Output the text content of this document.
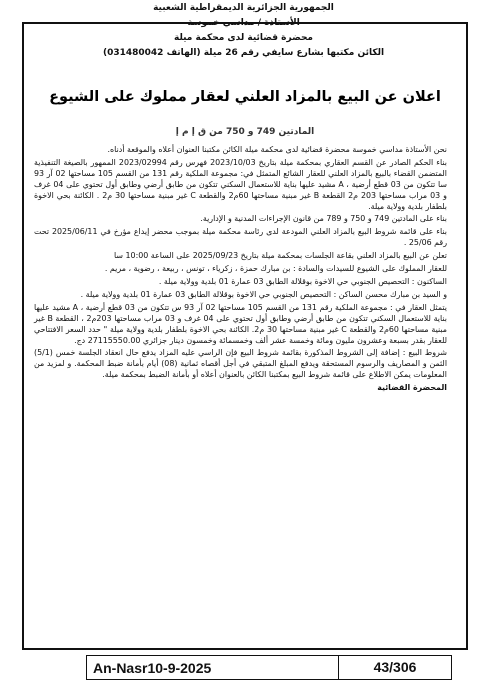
الجمهورية الجزائرية الديمقراطية الشعبية
الأستاذة / مداسي خموسة
محضرة قضائية لدى محكمة ميلة
الكائن مكتبها بشارع سايفي رقم 26 ميلة (الهاتف 031480042)
اعلان عن البيع بالمزاد العلني لعقار مملوك على الشيوع
المادتين 749 و 750 من ق إ م إ

نحن الأستاذة مداسي خموسة محضرة قضائية لدى محكمة ميلة الكائن مكتبنا العنوان أعلاه والموقعة أدناه.

بناء الحكم الصادر عن القسم العقاري بمحكمة ميلة بتاريخ 2023/10/03 فهرس رقم 2023/02994 الممهور بالصيغة التنفيذية المتضمن القضاء بالبيع بالمزاد العلني للعقار الشائع المتمثل في: مجموعة الملكية رقم 131 من القسم 105 مساحتها 02 آر 93 سا تتكون من 03 قطع أرضية ، A مشيد عليها بناية للاستعمال السكني تتكون من طابق أرضي وطابق أول تحتوي على 04 غرف و 03 مراب مساحتها 203 م2 القطعة B غير مبنية مساحتها 60م2 والقطعة C غير مبنية مساحتها 30 م2 . الكائنة بحي الاخوة بلطفار بلدية وولاية ميلة.

بناء على المادتين 749 و 750 و 789 من قانون الإجراءات المدنية و الإدارية.

بناء على قائمة شروط البيع بالمزاد العلني المودعة لدى رئاسة محكمة ميلة بموجب محضر إيداع مؤرخ في 2025/06/11 تحت رقم 25/06 .

تعلن عن البيع بالمزاد العلني بقاعة الجلسات بمحكمة ميلة بتاريخ 2025/09/23 على الساعة 10:00 سا

للعقار المملوك على الشيوع للسيدات والسادة : بن مبارك حمزة ، زكرياء ، تونس ، ربيعة ، رضوية ، مريم .

الساكنون : التحصيص الجنوبي حي الاخوة بوقلالة الطابق 03 عمارة 01 بلدية وولاية ميلة .

و السيد بن مبارك محسن الساكن : التحصيص الجنوبي حي الاخوة بوقلالة الطابق 03 عمارة 01 بلدية وولاية ميلة .

يتمثل العقار في : مجموعة الملكية رقم 131 من القسم 105 مساحتها 02 آر 93 س تتكون من 03 قطع أرضية ، A مشيد عليها بناية للاستعمال السكني تتكون من طابق أرضي وطابق أول تحتوي على 04 غرف و 03 مراب مساحتها 203م2 ، القطعة B غير مبنية مساحتها 60م2 والقطعة C غير مبنية مساحتها 30 م2. الكائنة بحي الاخوة بلطفار بلدية وولاية ميلة " حدد السعر الافتتاحي للعقار بقدر بسبعة وعشرون مليون ومائة وخمسة عشر ألف وخمسمائة وخمسون دينار جزائري 27115550.00 دج.

شروط البيع : إضافة إلى الشروط المذكورة بقائمة شروط البيع فإن الراسي عليه المزاد يدفع حال انعقاد الجلسة خمس (5/1) الثمن و المصاريف والرسوم المستحقة ويدفع المبلغ المتبقي في أجل أقصاه ثمانية (08) أيام بأمانة ضبط المحكمة. و لمزيد من المعلومات يمكن الاطلاع على قائمة شروط البيع بمكتبنا الكائن بالعنوان أعلاه أو بأمانة الضبط بمحكمة ميلة.

المحضرة القضائية

An-Nasr10-9-2025	43/306
